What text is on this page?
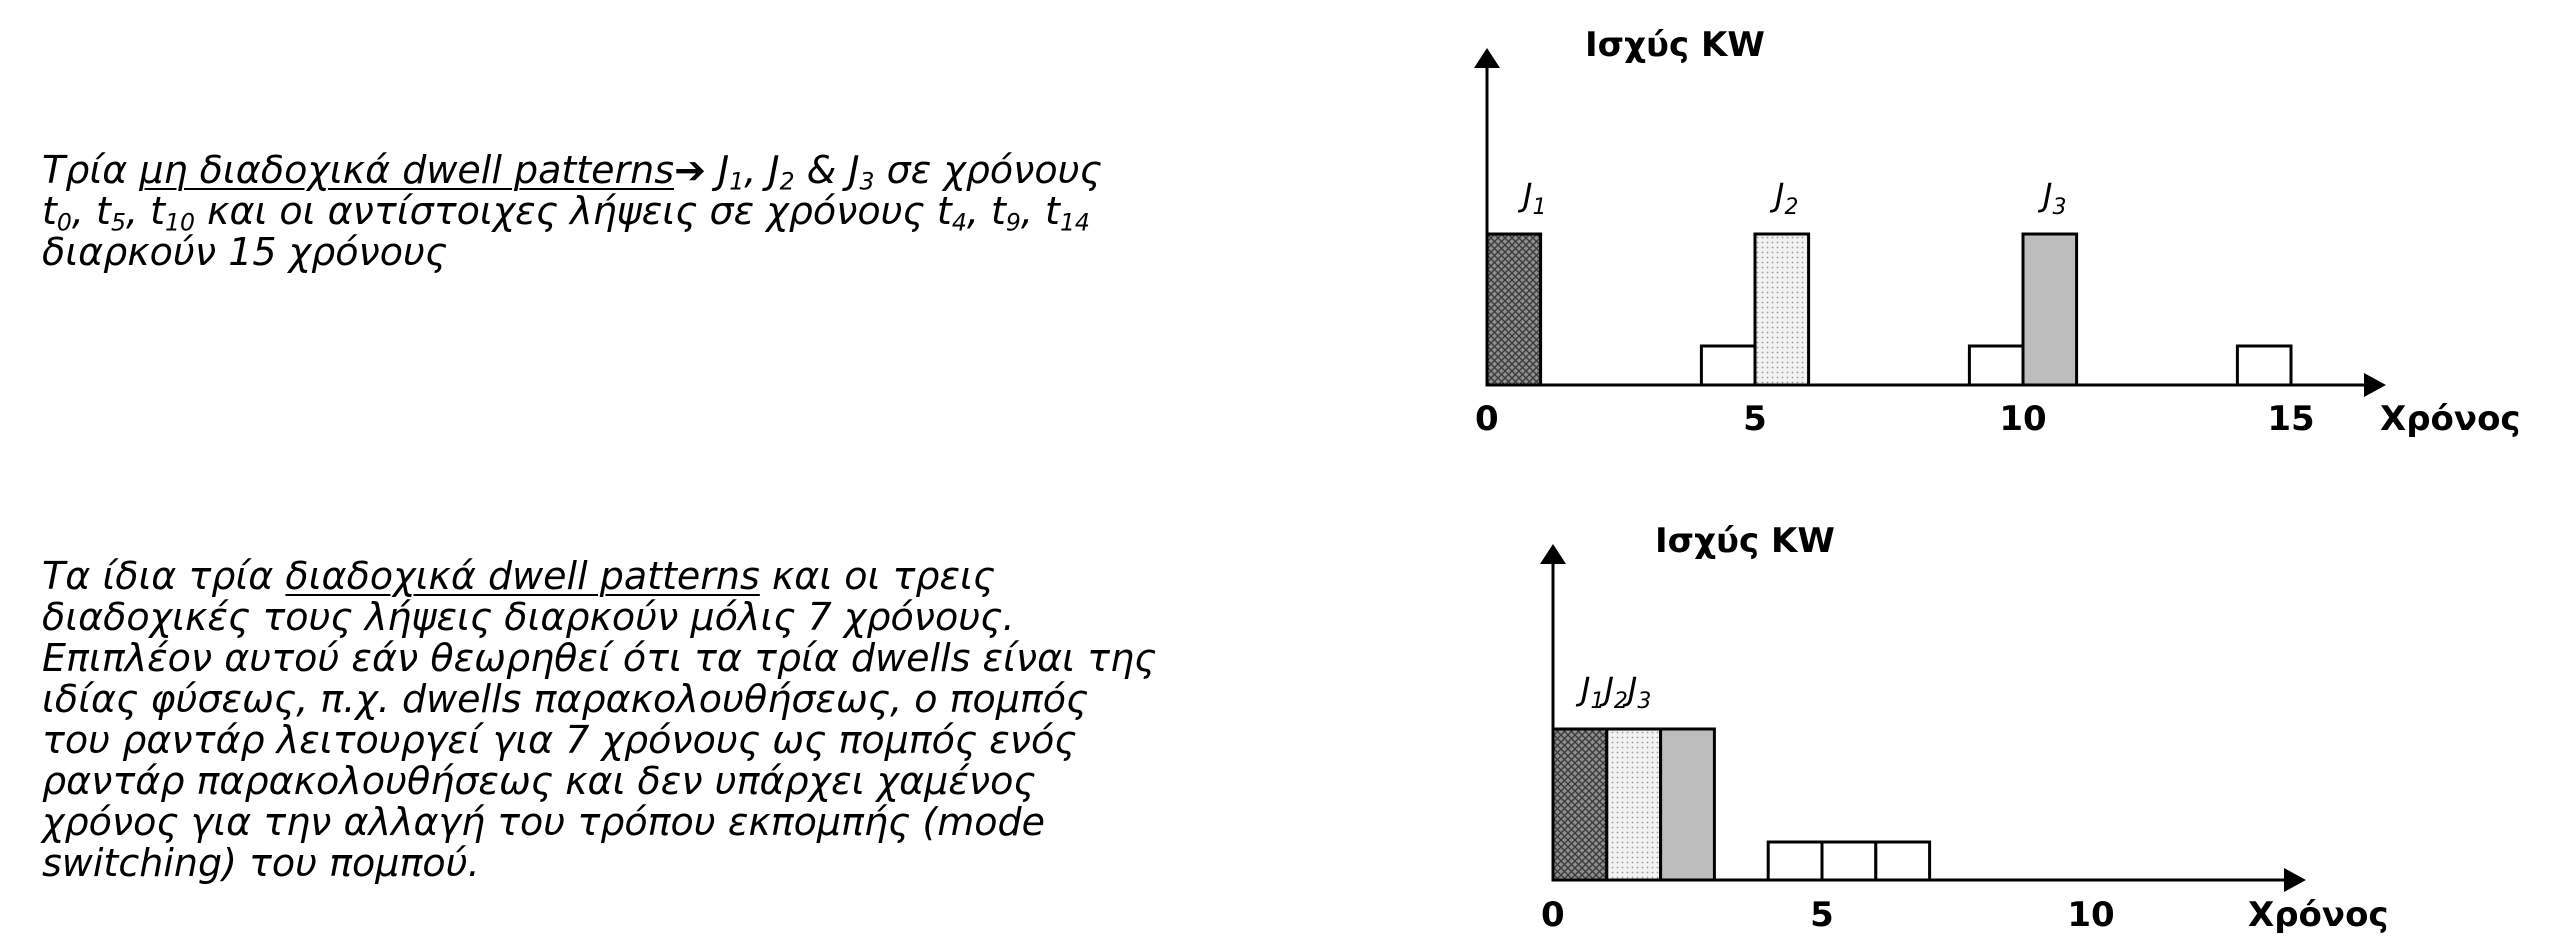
Τρία μη διαδοχικά dwell patterns➔ $J_1$, $J_2$ & $J_3$ σε χρόνους
$t_0$, $t_5$, $t_{10}$ και οι αντίστοιχες λήψεις σε χρόνους $t_4$, $t_9$, $t_{14}$
διαρκούν 15 χρόνους

Τα ίδια τρία διαδοχικά dwell patterns και οι τρεις
διαδοχικές τους λήψεις διαρκούν μόλις 7 χρόνους.
Επιπλέον αυτού εάν θεωρηθεί ότι τα τρία dwells είναι της
ιδίας φύσεως, π.χ. dwells παρακολουθήσεως, ο πομπός
του ραντάρ λειτουργεί για 7 χρόνους ως πομπός ενός
ραντάρ παρακολουθήσεως και δεν υπάρχει χαμένος
χρόνος για την αλλαγή του τρόπου εκπομπής (mode
switching) του πομπού.

Ισχύς KW
Χρόνος
0	5	10	15
$J_1$	$J_2$	$J_3$
Ισχύς KW
Χρόνος
0	5	10
$J_1J_2J_3$
